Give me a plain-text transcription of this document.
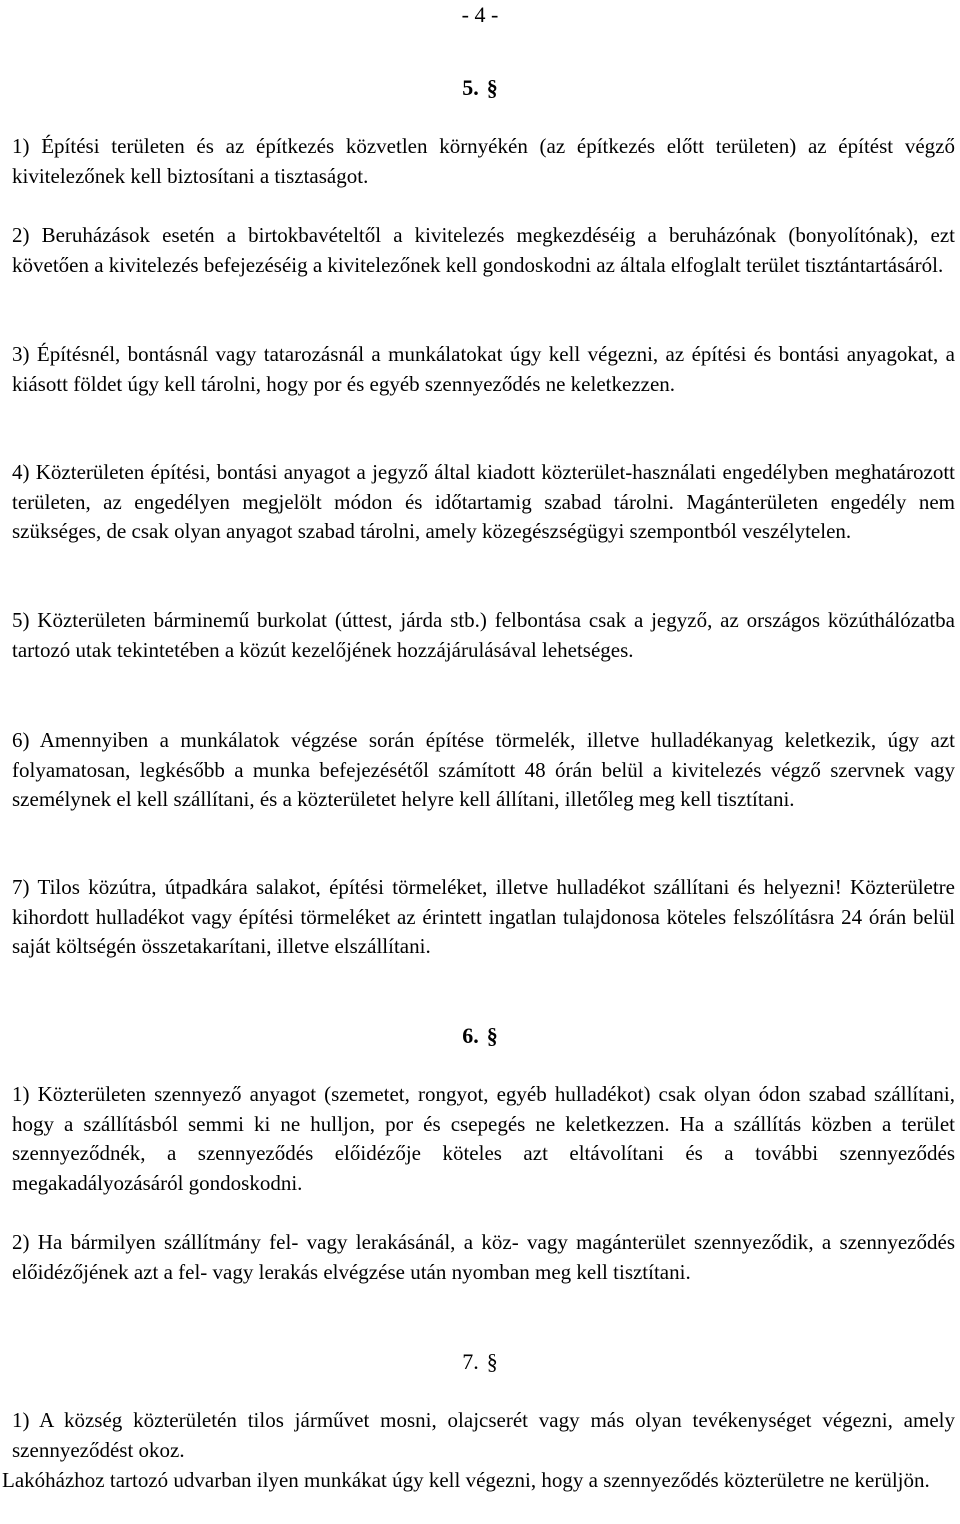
- 4 -
5. §
1) Építési területen és az építkezés közvetlen környékén (az építkezés előtt területen) az építést végző kivitelezőnek kell biztosítani a tisztaságot.
2) Beruházások esetén a birtokbavételtől a kivitelezés megkezdéséig a beruházónak (bonyolítónak), ezt követően a kivitelezés befejezéséig a kivitelezőnek kell gondoskodni az általa elfoglalt terület tisztántartásáról.
3) Építésnél, bontásnál vagy tatarozásnál a munkálatokat úgy kell végezni, az építési és bontási anyagokat, a kiásott földet úgy kell tárolni, hogy por és egyéb szennyeződés ne keletkezzen.
4) Közterületen építési, bontási anyagot a jegyző által kiadott közterület-használati engedélyben meghatározott területen, az engedélyen megjelölt módon és időtartamig szabad tárolni. Magánterületen engedély nem szükséges, de csak olyan anyagot szabad tárolni, amely közegészségügyi szempontból veszélytelen.
5) Közterületen bárminemű burkolat (úttest, járda stb.) felbontása csak a jegyző, az országos közúthálózatba tartozó utak tekintetében a közút kezelőjének hozzájárulásával lehetséges.
6) Amennyiben a munkálatok végzése során építése törmelék, illetve hulladékanyag keletkezik, úgy azt folyamatosan, legkésőbb a munka befejezésétől számított 48 órán belül a kivitelezés végző szervnek vagy személynek el kell szállítani, és a közterületet helyre kell állítani, illetőleg meg kell tisztítani.
7) Tilos közútra, útpadkára salakot, építési törmeléket, illetve hulladékot szállítani és helyezni! Közterületre kihordott hulladékot vagy építési törmeléket az érintett ingatlan tulajdonosa köteles felszólításra 24 órán belül saját költségén összetakarítani, illetve elszállítani.
6. §
1) Közterületen szennyező anyagot (szemetet, rongyot, egyéb hulladékot) csak olyan ódon szabad szállítani, hogy a szállításból semmi ki ne hulljon, por és csepegés ne keletkezzen. Ha a szállítás közben a terület szennyeződnék, a szennyeződés előidézője köteles azt eltávolítani és a további szennyeződés megakadályozásáról gondoskodni.
2) Ha bármilyen szállítmány fel- vagy lerakásánál, a köz- vagy magánterület szennyeződik, a szennyeződés előidézőjének azt a fel- vagy lerakás elvégzése után nyomban meg kell tisztítani.
7. §
1) A község közterületén tilos járművet mosni, olajcserét vagy más olyan tevékenységet végezni, amely szennyeződést okoz.
Lakóházhoz tartozó udvarban ilyen munkákat úgy kell végezni, hogy a szennyeződés közterületre ne kerüljön.
